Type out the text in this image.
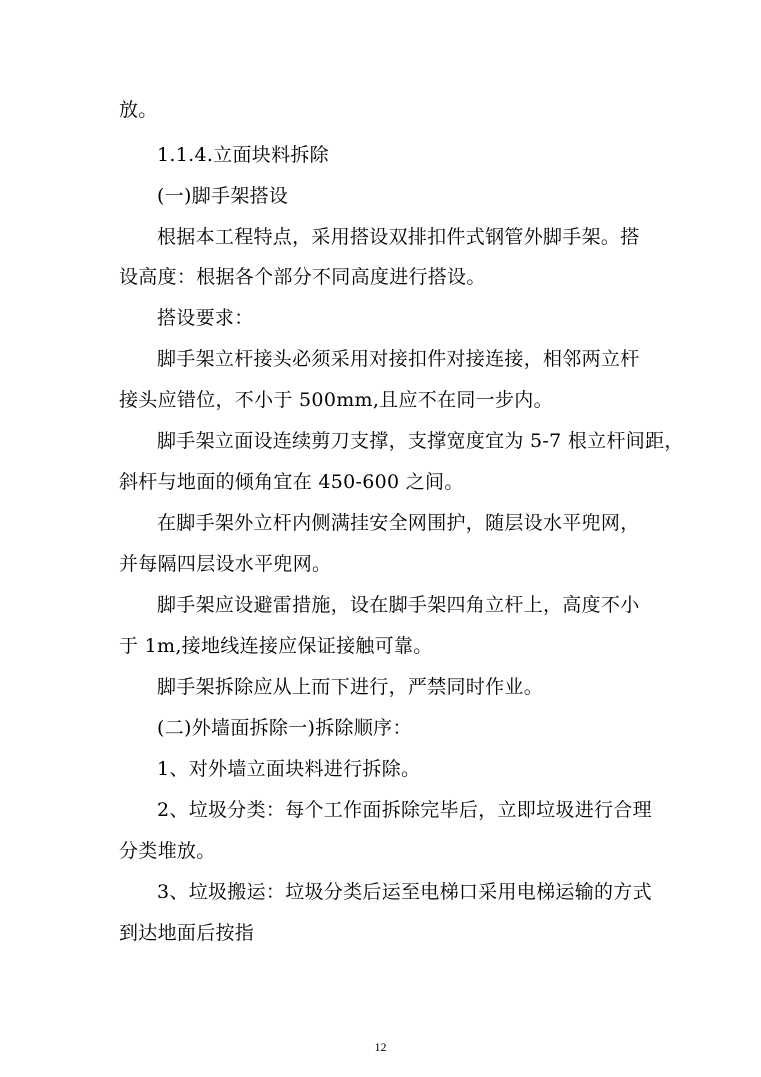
放。
1.1.4.立面块料拆除
(一)脚手架搭设
根据本工程特点，采用搭设双排扣件式钢管外脚手架。搭
设高度：根据各个部分不同高度进行搭设。
搭设要求：
脚手架立杆接头必须采用对接扣件对接连接，相邻两立杆
接头应错位，不小于 500mm,且应不在同一步内。
脚手架立面设连续剪刀支撑，支撑宽度宜为 5-7 根立杆间距，
斜杆与地面的倾角宜在 450-600 之间。
在脚手架外立杆内侧满挂安全网围护，随层设水平兜网，
并每隔四层设水平兜网。
脚手架应设避雷措施，设在脚手架四角立杆上，高度不小
于 1m,接地线连接应保证接触可靠。
脚手架拆除应从上而下进行，严禁同时作业。
(二)外墙面拆除一)拆除顺序：
1、对外墙立面块料进行拆除。
2、垃圾分类：每个工作面拆除完毕后，立即垃圾进行合理
分类堆放。
3、垃圾搬运：垃圾分类后运至电梯口采用电梯运输的方式
到达地面后按指
12
